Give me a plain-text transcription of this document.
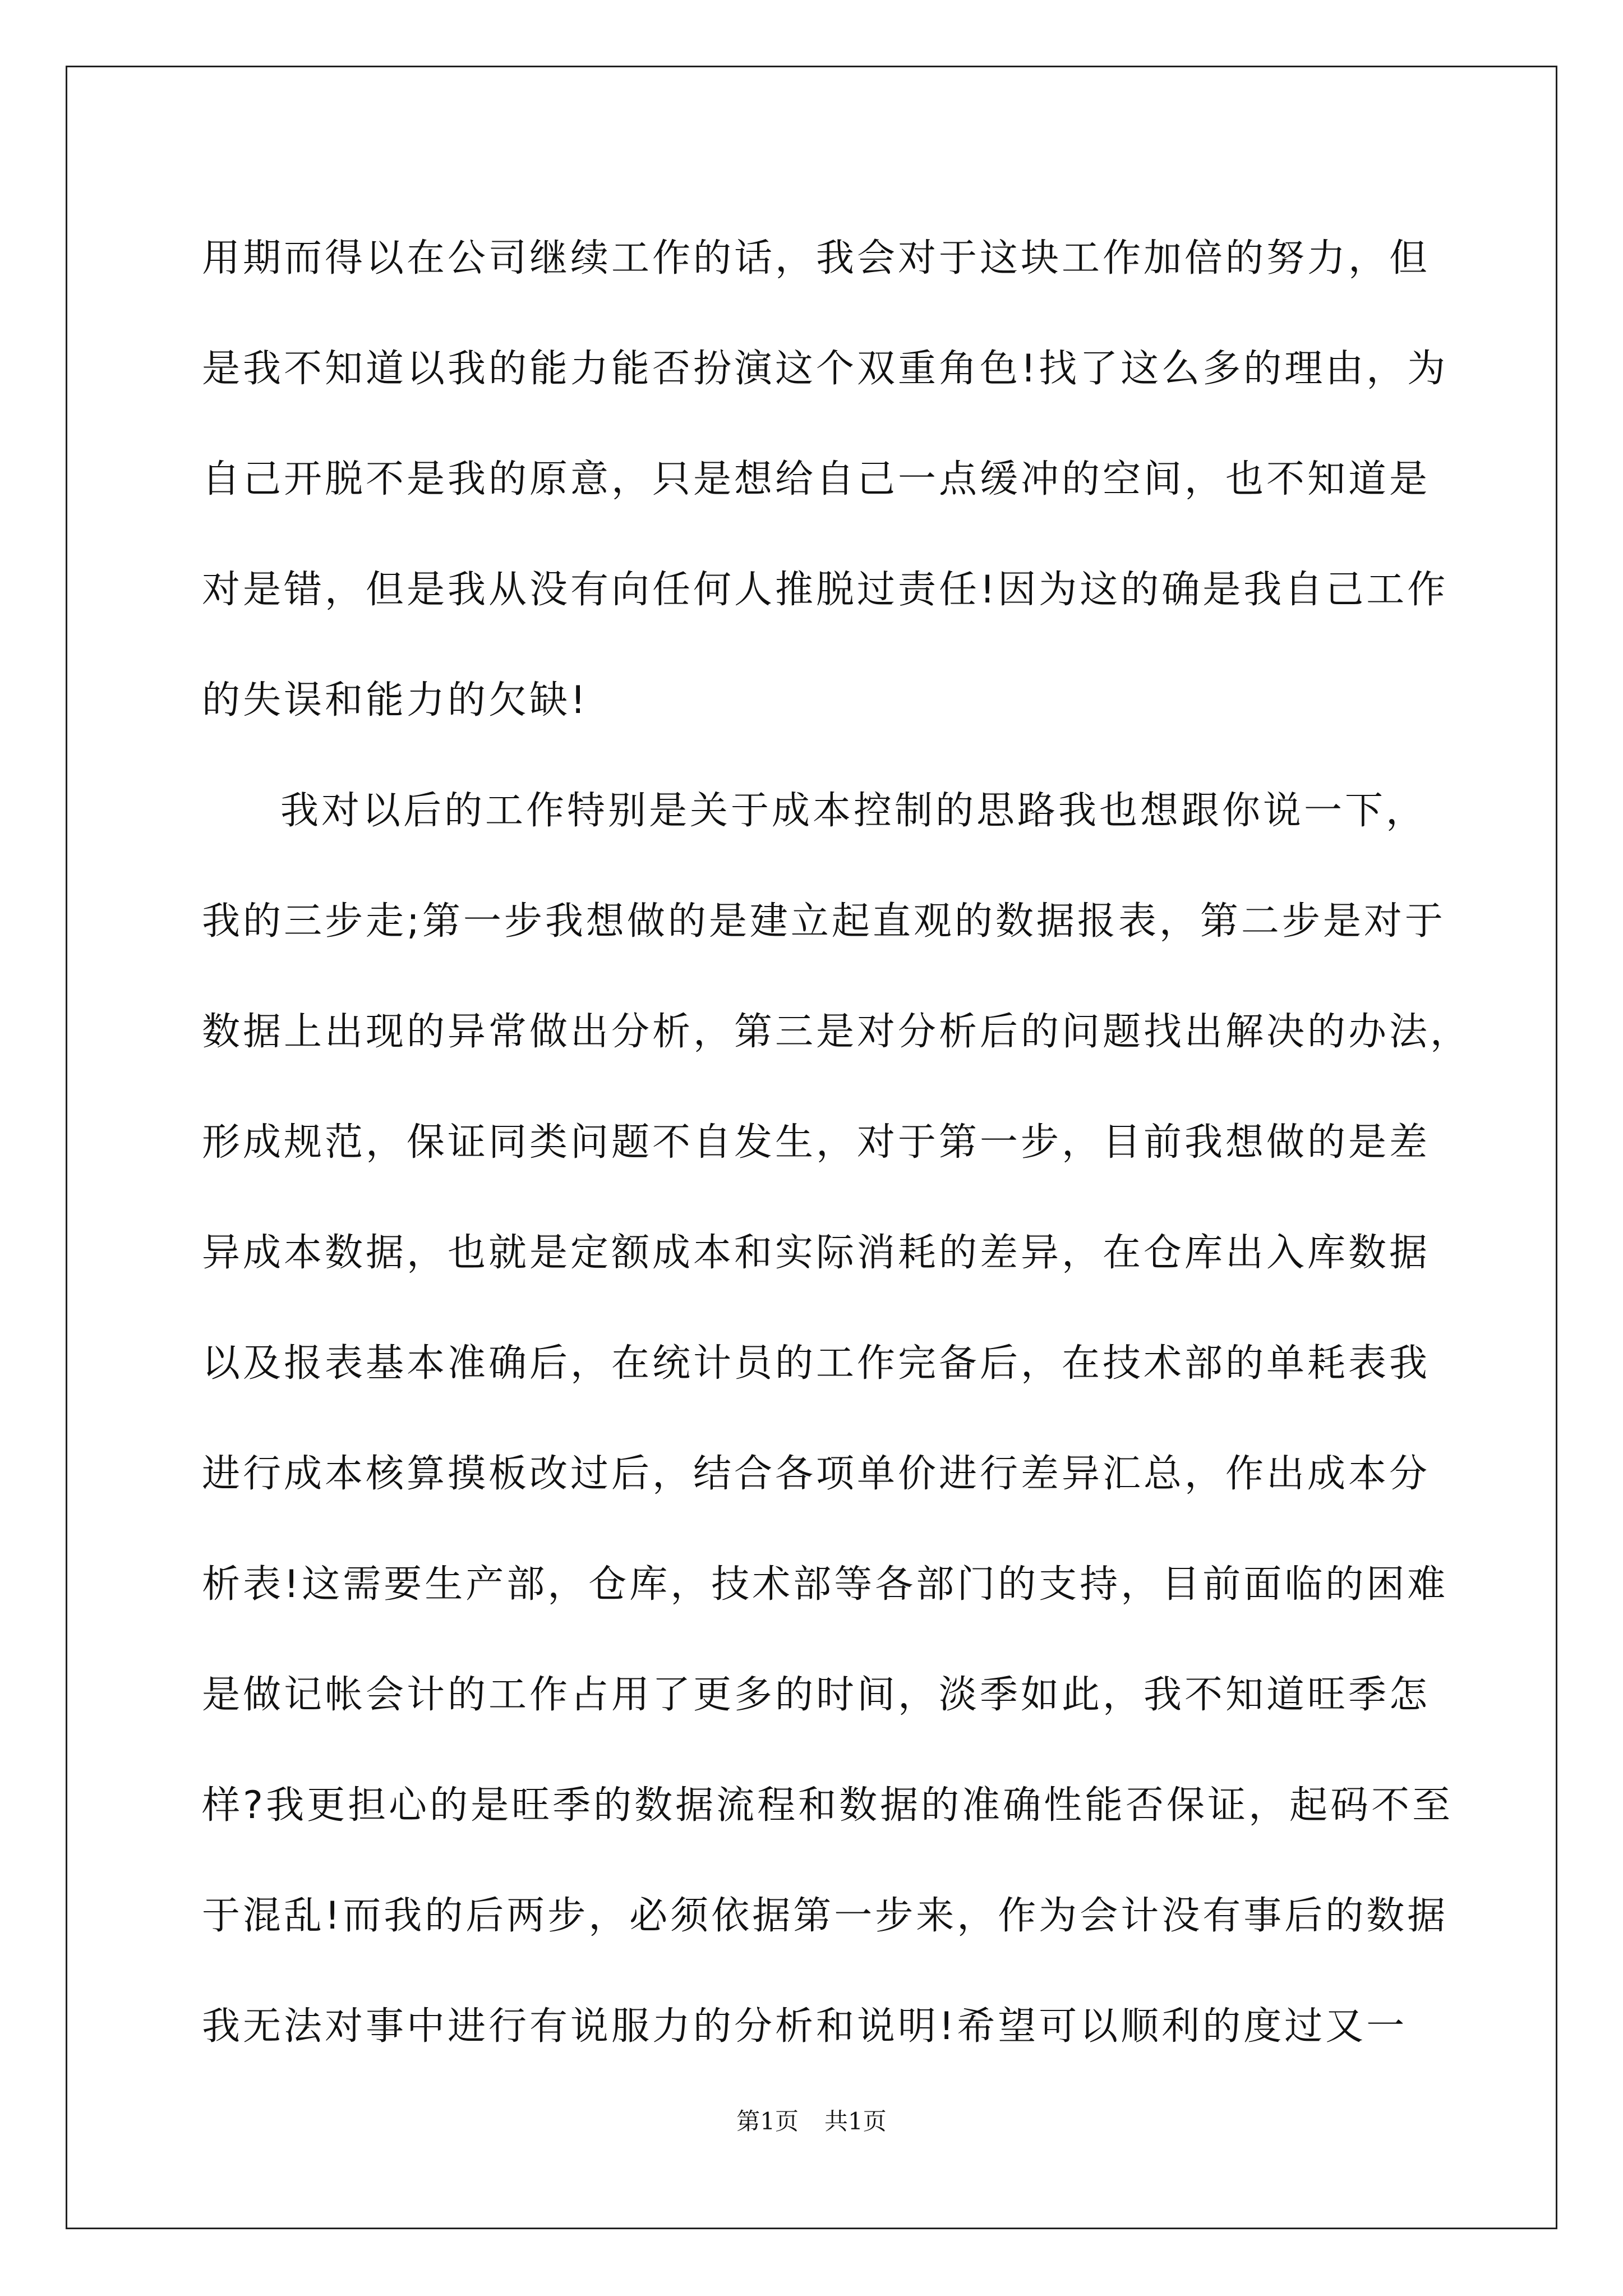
用期而得以在公司继续工作的话，我会对于这块工作加倍的努力，但
是我不知道以我的能力能否扮演这个双重角色!找了这么多的理由，为
自己开脱不是我的原意，只是想给自己一点缓冲的空间，也不知道是
对是错，但是我从没有向任何人推脱过责任!因为这的确是我自己工作
的失误和能力的欠缺!
我对以后的工作特别是关于成本控制的思路我也想跟你说一下，
我的三步走;第一步我想做的是建立起直观的数据报表，第二步是对于
数据上出现的异常做出分析，第三是对分析后的问题找出解决的办法，
形成规范，保证同类问题不自发生，对于第一步，目前我想做的是差
异成本数据，也就是定额成本和实际消耗的差异，在仓库出入库数据
以及报表基本准确后，在统计员的工作完备后，在技术部的单耗表我
进行成本核算摸板改过后，结合各项单价进行差异汇总，作出成本分
析表!这需要生产部，仓库，技术部等各部门的支持，目前面临的困难
是做记帐会计的工作占用了更多的时间，淡季如此，我不知道旺季怎
样?我更担心的是旺季的数据流程和数据的准确性能否保证，起码不至
于混乱!而我的后两步，必须依据第一步来，作为会计没有事后的数据
我无法对事中进行有说服力的分析和说明!希望可以顺利的度过又一
第1页 共1页
